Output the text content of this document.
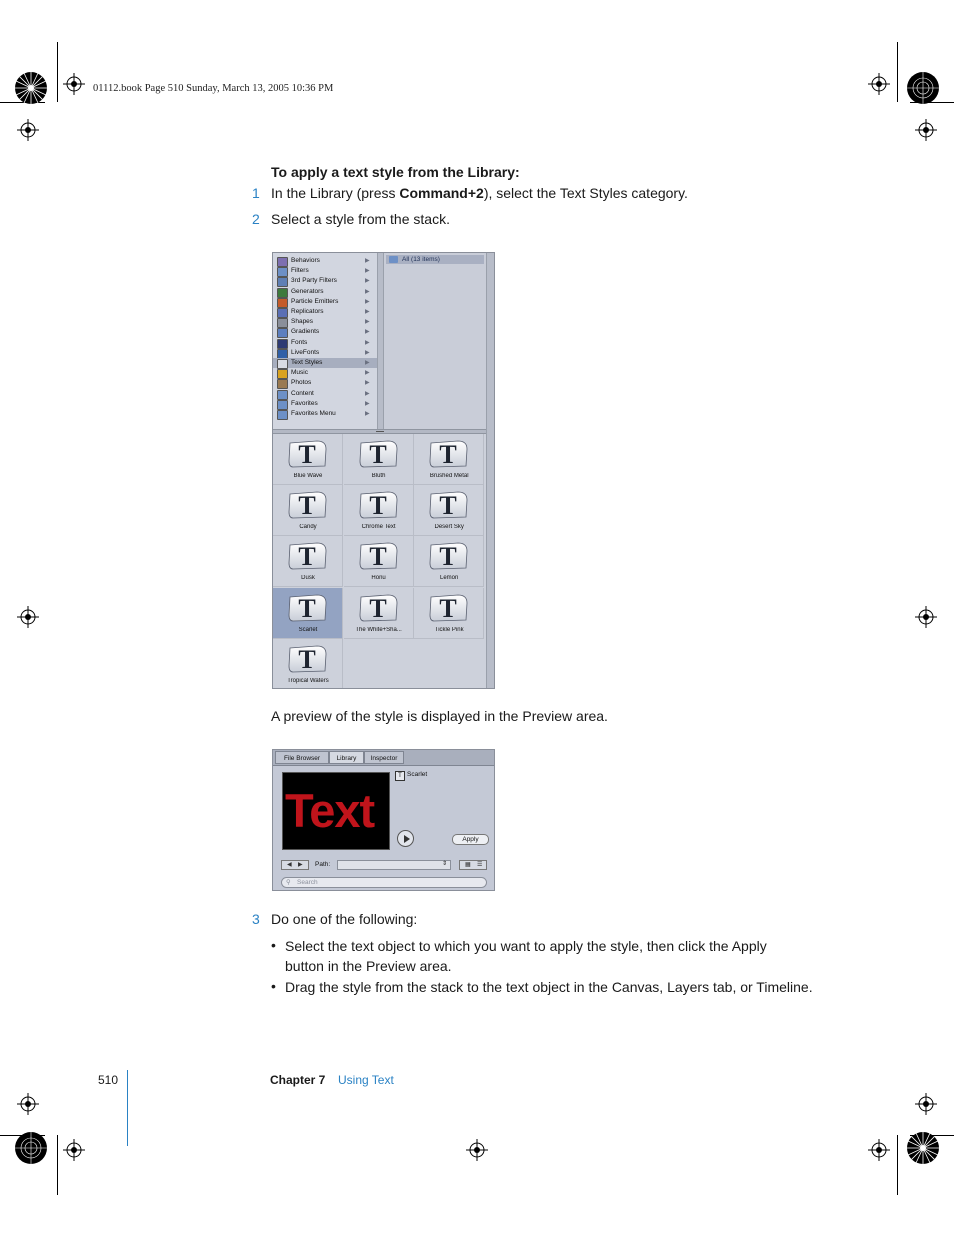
01112.book Page 510 Sunday, March 13, 2005 10:36 PM
To apply a text style from the Library:
1 In the Library (press Command+2), select the Text Styles category.
2 Select a style from the stack.
Behaviors	▶
Filters	▶
3rd Party Filters	▶
Generators	▶
Particle Emitters	▶
Replicators	▶
Shapes	▶
Gradients	▶
Fonts	▶
LiveFonts	▶
Text Styles	▶
Music	▶
Photos	▶
Content	▶
Favorites	▶
Favorites Menu	▶
All (13 items)
T
Blue Wave
T
Bluth
T
Brushed Metal
T
Candy
T
Chrome Text
T
Desert Sky
T
Dusk
T
Honu
T
Lemon
T
Scarlet
T
The White+Sha...
T
Tickle Pink
T
Tropical Waters
A preview of the style is displayed in the Preview area.
File Browser	Library	Inspector
Text
T Scarlet
Apply
◀ ▶ Path:	⇕	▦ ☰
⚲ Search
3 Do one of the following:
• Select the text object to which you want to apply the style, then click the Apply button in the Preview area.
• Drag the style from the stack to the text object in the Canvas, Layers tab, or Timeline.
510	Chapter 7 Using Text
